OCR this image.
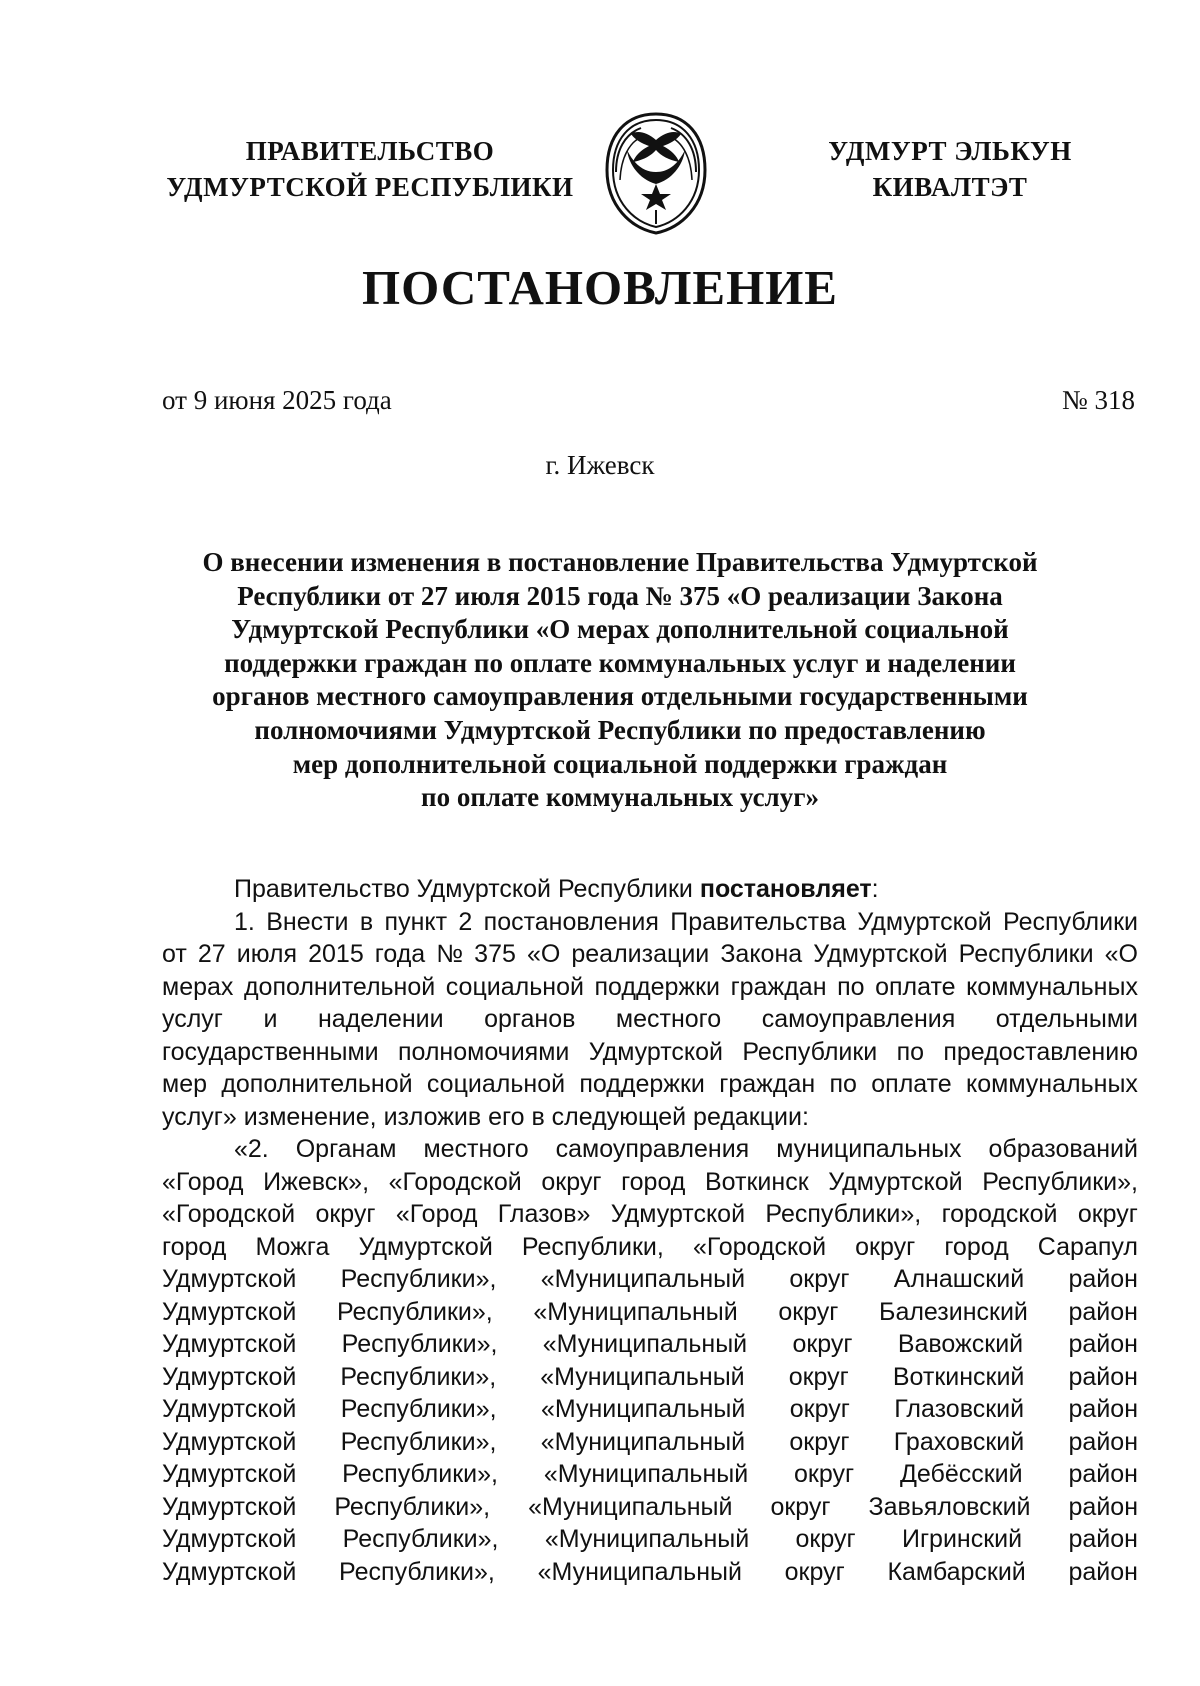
ПРАВИТЕЛЬСТВО
УДМУРТСКОЙ РЕСПУБЛИКИ
УДМУРТ ЭЛЬКУН
КИВАЛТЭТ
ПОСТАНОВЛЕНИЕ
от 9 июня 2025 года	№ 318
г. Ижевск
О внесении изменения в постановление Правительства Удмуртской
Республики от 27 июля 2015 года № 375 «О реализации Закона
Удмуртской Республики «О мерах дополнительной социальной
поддержки граждан по оплате коммунальных услуг и наделении
органов местного самоуправления отдельными государственными
полномочиями Удмуртской Республики по предоставлению
мер дополнительной социальной поддержки граждан
по оплате коммунальных услуг»
Правительство Удмуртской Республики постановляет :
1. Внести в пункт 2 постановления Правительства Удмуртской Республики
от 27 июля 2015 года № 375 «О реализации Закона Удмуртской Республики «О
мерах дополнительной социальной поддержки граждан по оплате коммунальных
услуг и наделении органов местного самоуправления отдельными
государственными полномочиями Удмуртской Республики по предоставлению
мер дополнительной социальной поддержки граждан по оплате коммунальных
услуг» изменение, изложив его в следующей редакции:
«2. Органам местного самоуправления муниципальных образований
«Город Ижевск», «Городской округ город Воткинск Удмуртской Республики»,
«Городской округ «Город Глазов» Удмуртской Республики», городской округ
город Можга Удмуртской Республики, «Городской округ город Сарапул
Удмуртской Республики», «Муниципальный округ Алнашский район
Удмуртской Республики», «Муниципальный округ Балезинский район
Удмуртской Республики», «Муниципальный округ Вавожский район
Удмуртской Республики», «Муниципальный округ Воткинский район
Удмуртской Республики», «Муниципальный округ Глазовский район
Удмуртской Республики», «Муниципальный округ Граховский район
Удмуртской Республики», «Муниципальный округ Дебёсский район
Удмуртской Республики», «Муниципальный округ Завьяловский район
Удмуртской Республики», «Муниципальный округ Игринский район
Удмуртской Республики», «Муниципальный округ Камбарский район
